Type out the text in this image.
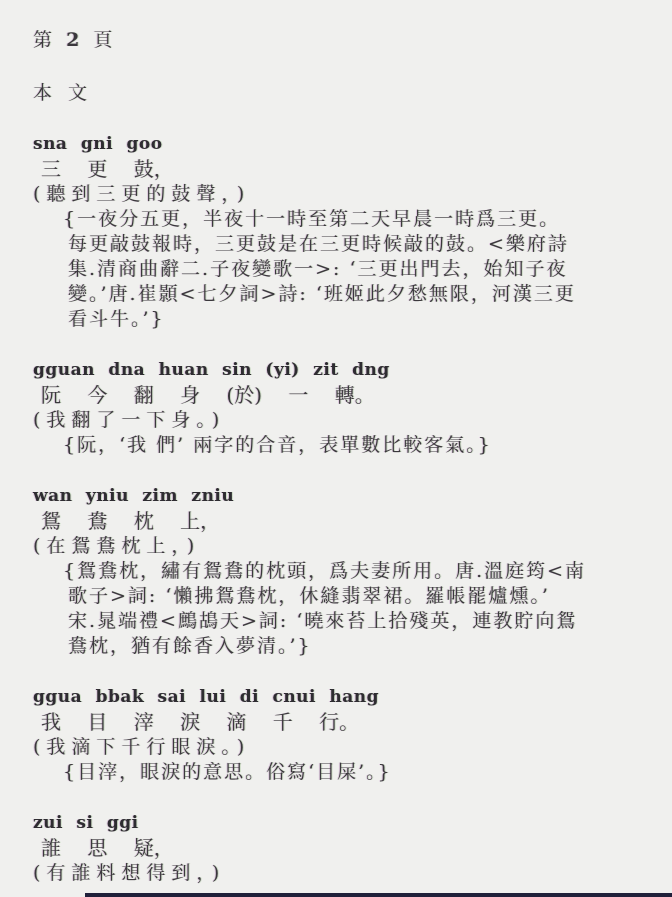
第 2 頁
本 文
sna gni goo
三 更 鼓，
(聽到三更的鼓聲，)
{一夜分五更，半夜十一時至第二天早晨一時爲三更。
每更敲鼓報時，三更鼓是在三更時候敲的鼓。<樂府詩
集.清商曲辭二.子夜變歌一>: ‘三更出門去，始知子夜
變。’唐.崔顥<七夕詞>詩: ‘班姬此夕愁無限，河漢三更
看斗牛。’}
gguan dna huan sin (yi) zit dng
阮 今 翻 身 (於) 一 轉。
(我翻了一下身。)
{阮，‘我 們’ 兩字的合音，表單數比較客氣。}
wan yniu zim zniu
鴛 鴦 枕 上，
(在鴛鴦枕上，)
{鴛鴦枕，繡有鴛鴦的枕頭，爲夫妻所用。唐.溫庭筠<南
歌子>詞: ‘懶拂鴛鴦枕，休縫翡翠裙。羅帳罷爐燻。’
宋.晁端禮<鷓鴣天>詞: ‘曉來苔上拾殘英，連教貯向鴛
鴦枕，猶有餘香入夢清。’}
ggua bbak sai lui di cnui hang
我 目 滓 淚 滴 千 行。
(我滴下千行眼淚。)
{目滓，眼淚的意思。俗寫‘目屎’。}
zui si ggi
誰 思 疑，
(有誰料想得到，)
